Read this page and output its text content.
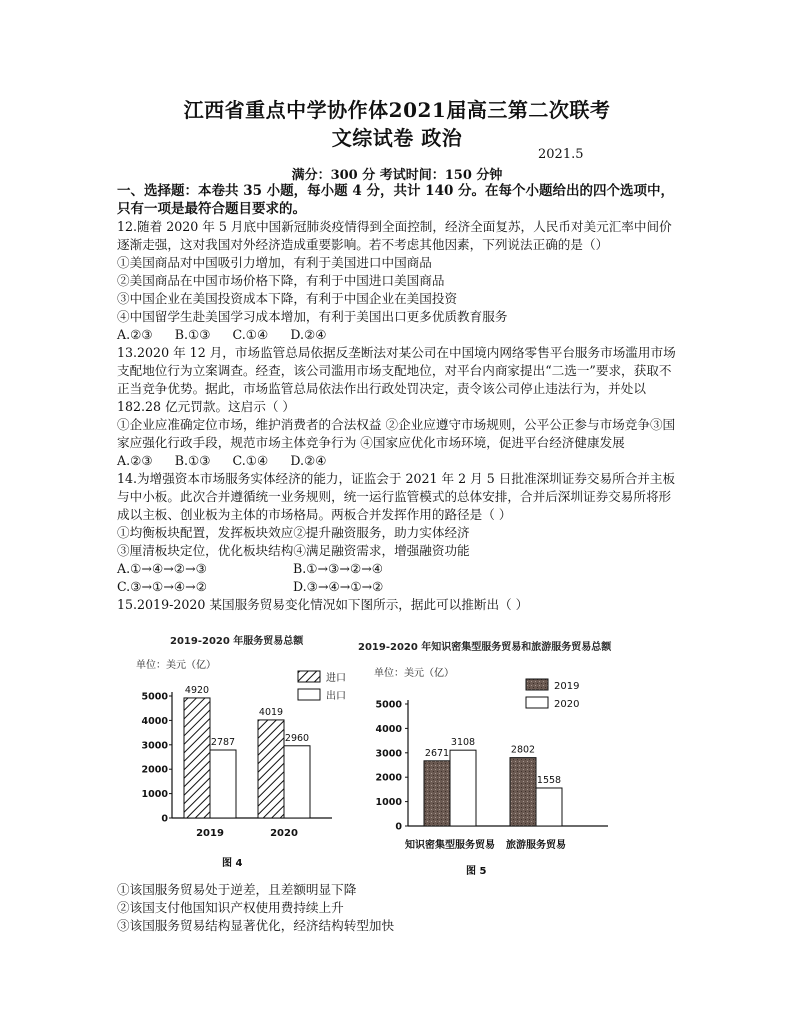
江西省重点中学协作体2021届高三第二次联考
文综试卷 政治
2021.5
满分：300 分 考试时间：150 分钟
一、选择题：本卷共 35 小题，每小题 4 分，共计 140 分。在每个小题给出的四个选项中，只有一项是最符合题目要求的。

12.随着 2020 年 5 月底中国新冠肺炎疫情得到全面控制，经济全面复苏，人民币对美元汇率中间价逐渐走强，这对我国对外经济造成重要影响。若不考虑其他因素，下列说法正确的是（）

①美国商品对中国吸引力增加，有利于美国进口中国商品

②美国商品在中国市场价格下降，有利于中国进口美国商品

③中国企业在美国投资成本下降，有利于中国企业在美国投资

④中国留学生赴美国学习成本增加，有利于美国出口更多优质教育服务

A.②③ B.①③ C.①④ D.②④

13.2020 年 12 月，市场监管总局依据反垄断法对某公司在中国境内网络零售平台服务市场滥用市场支配地位行为立案调查。经查，该公司滥用市场支配地位，对平台内商家提出“二选一”要求，获取不正当竞争优势。据此，市场监管总局依法作出行政处罚决定，责令该公司停止违法行为，并处以 182.28 亿元罚款。这启示（ ）

①企业应准确定位市场，维护消费者的合法权益 ②企业应遵守市场规则，公平公正参与市场竞争③国家应强化行政手段，规范市场主体竞争行为 ④国家应优化市场环境，促进平台经济健康发展

A.②③ B.①③ C.①④ D.②④

14.为增强资本市场服务实体经济的能力，证监会于 2021 年 2 月 5 日批准深圳证券交易所合并主板与中小板。此次合并遵循统一业务规则，统一运行监管模式的总体安排，合并后深圳证券交易所将形成以主板、创业板为主体的市场格局。两板合并发挥作用的路径是（ ）

①均衡板块配置，发挥板块效应②提升融资服务，助力实体经济

③厘清板块定位，优化板块结构④满足融资需求，增强融资功能

A.①→④→②→③	B.①→③→②→④
C.③→①→④→②	D.③→④→①→②

15.2019-2020 某国服务贸易变化情况如下图所示，据此可以推断出（ ）

2019-2020 年服务贸易总额
单位：美元（亿）
0
1000
2000
3000
4000
5000
4920
2787
2019
4019
2960
2020
进口
出口
图 4
2019-2020 年知识密集型服务贸易和旅游服务贸易总额
单位：美元（亿）
0
1000
2000
3000
4000
5000
2671
3108
知识密集型服务贸易
2802
1558
旅游服务贸易
2019
2020
图 5

①该国服务贸易处于逆差，且差额明显下降

②该国支付他国知识产权使用费持续上升

③该国服务贸易结构显著优化，经济结构转型加快
